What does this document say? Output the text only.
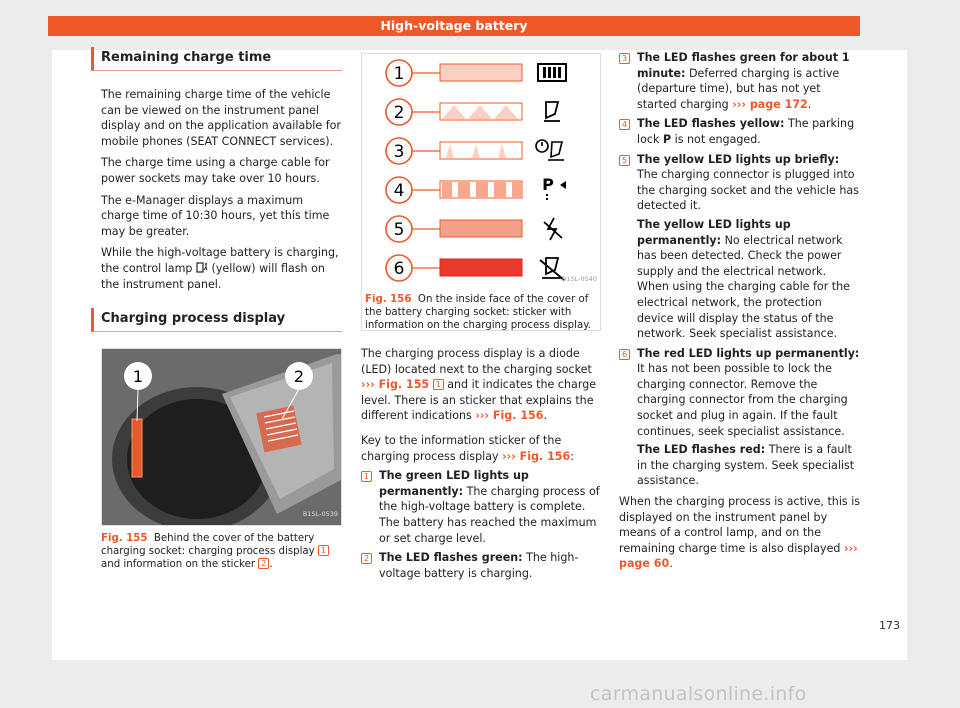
High-voltage battery
Remaining charge time

The remaining charge time of the vehicle can be viewed on the instrument panel display and on the application available for mobile phones (SEAT CONNECT services).

The charge time using a charge cable for power sockets may take over 10 hours.

The e-Manager displays a maximum charge time of 10:30 hours, yet this time may be greater.

While the high-voltage battery is charging, the control lamp (yellow) will flash on the instrument panel.

Charging process display
1	2
B1SL-0539
Fig. 155 Behind the cover of the battery charging socket: charging process display 1 and information on the sticker 2 .
1
2
3
4	P
5
6
B1SL-0540
Fig. 156 On the inside face of the cover of the battery charging socket: sticker with information on the charging process display.

The charging process display is a diode (LED) located next to the charging socket ››› Fig. 155 1 and it indicates the charge level. There is an sticker that explains the different indications ››› Fig. 156.

Key to the information sticker of the charging process display ››› Fig. 156:

1 The green LED lights up permanently: The charging process of the high-voltage battery is complete. The battery has reached the maximum or set charge level.
2 The LED flashes green: The high-voltage battery is charging.
3 The LED flashes green for about 1 minute: Deferred charging is active (departure time), but has not yet started charging ››› page 172.
4 The LED flashes yellow: The parking lock P is not engaged.
5 The yellow LED lights up briefly: The charging connector is plugged into the charging socket and the vehicle has detected it.
The yellow LED lights up permanently: No electrical network has been detected. Check the power supply and the electrical network. When using the charging cable for the electrical network, the protection device will display the status of the network. Seek specialist assistance.
6 The red LED lights up permanently: It has not been possible to lock the charging connector. Remove the charging connector from the charging socket and plug in again. If the fault continues, seek specialist assistance.
The LED flashes red: There is a fault in the charging system. Seek specialist assistance.

When the charging process is active, this is displayed on the instrument panel by means of a control lamp, and on the remaining charge time is also displayed ››› page 60.

173
carmanualsonline.info
